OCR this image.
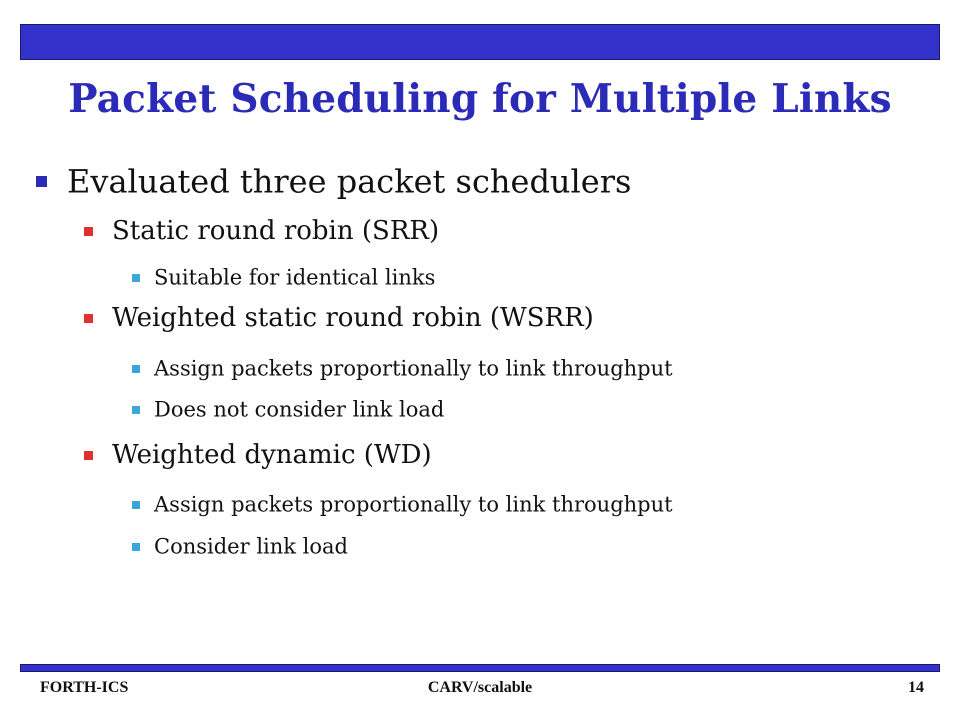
Packet Scheduling for Multiple Links
Evaluated three packet schedulers
Static round robin (SRR)
Suitable for identical links
Weighted static round robin (WSRR)
Assign packets proportionally to link throughput
Does not consider link load
Weighted dynamic (WD)
Assign packets proportionally to link throughput
Consider link load
FORTH-ICS	CARV/scalable	14
